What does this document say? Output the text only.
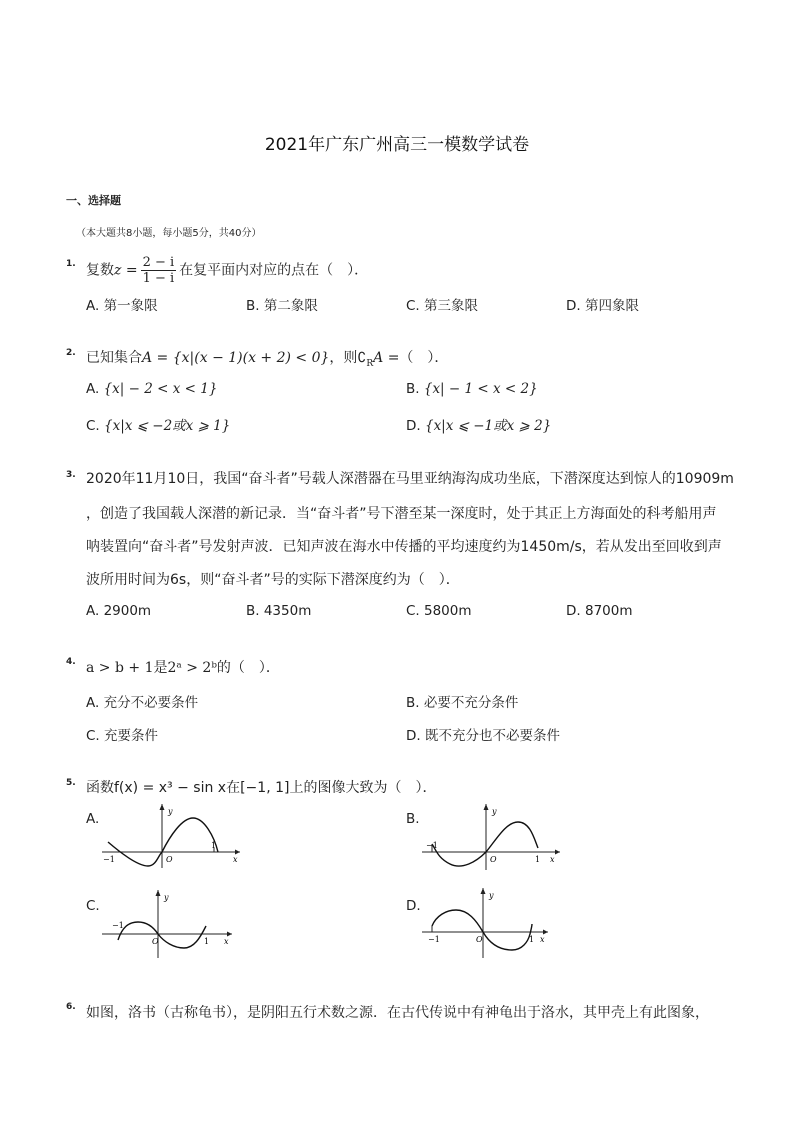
2021年广东广州高三一模数学试卷
一、选择题
（本大题共8小题，每小题5分，共40分）
1. 复数$z = \frac{2 - i}{1 - i}$ 在复平面内对应的点在（　）．
A. 第一象限	B. 第二象限	C. 第三象限	D. 第四象限
2. 已知集合A = {x|(x − 1)(x + 2) < 0}，则$∁_RA$ =（　）．
A. {x| − 2 < x < 1}	B. {x| − 1 < x < 2}
C. {x|x ⩽ −2或x ⩾ 1}	D. {x|x ⩽ −1或x ⩾ 2}
3. 2020年11月10日，我国“奋斗者”号载人深潜器在马里亚纳海沟成功坐底，下潜深度达到惊人的10909m
，创造了我国载人深潜的新记录．当“奋斗者”号下潜至某一深度时，处于其正上方海面处的科考船用声
呐装置向“奋斗者”号发射声波．已知声波在海水中传播的平均速度约为1450m/s，若从发出至回收到声
波所用时间为6s，则“奋斗者”号的实际下潜深度约为（　）．
A. 2900m	B. 4350m	C. 5800m	D. 8700m
4. a > b + 1是2ᵃ > 2ᵇ的（　）．
A. 充分不必要条件	B. 必要不充分条件
C. 充要条件	D. 既不充分也不必要条件
5. 函数f(x) = x³ − sin x在[−1, 1]上的图像大致为（　）．
A.	B.
C.	D.
y
x
O
−1
1
y
x
O
−1
1
y
x
O
−1
1
y
x
O
−1	1
6. 如图，洛书（古称龟书），是阴阳五行术数之源．在古代传说中有神龟出于洛水，其甲壳上有此图象，
